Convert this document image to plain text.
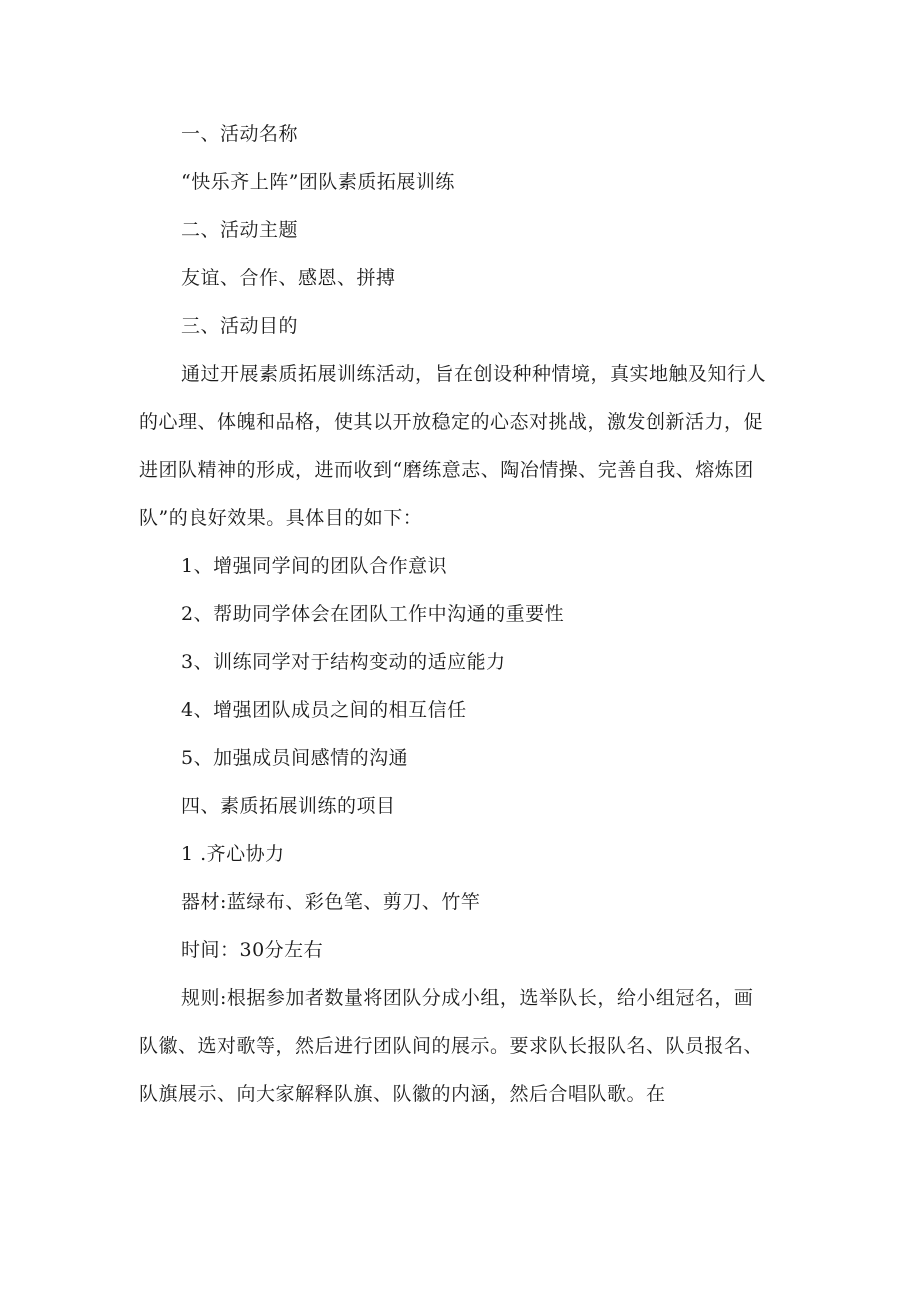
一、活动名称
“快乐齐上阵”团队素质拓展训练
二、活动主题
友谊、合作、感恩、拼搏
三、活动目的
通过开展素质拓展训练活动，旨在创设种种情境，真实地触及知行人
的心理、体魄和品格，使其以开放稳定的心态对挑战，激发创新活力，促
进团队精神的形成，进而收到“磨练意志、陶冶情操、完善自我、熔炼团
队”的良好效果。具体目的如下：
1、增强同学间的团队合作意识
2、帮助同学体会在团队工作中沟通的重要性
3、训练同学对于结构变动的适应能力
4、增强团队成员之间的相互信任
5、加强成员间感情的沟通
四、素质拓展训练的项目
1 .齐心协力
器材:蓝绿布、彩色笔、剪刀、竹竿
时间：30分左右
规则:根据参加者数量将团队分成小组，选举队长，给小组冠名，画
队徽、选对歌等，然后进行团队间的展示。要求队长报队名、队员报名、
队旗展示、向大家解释队旗、队徽的内涵，然后合唱队歌。在
